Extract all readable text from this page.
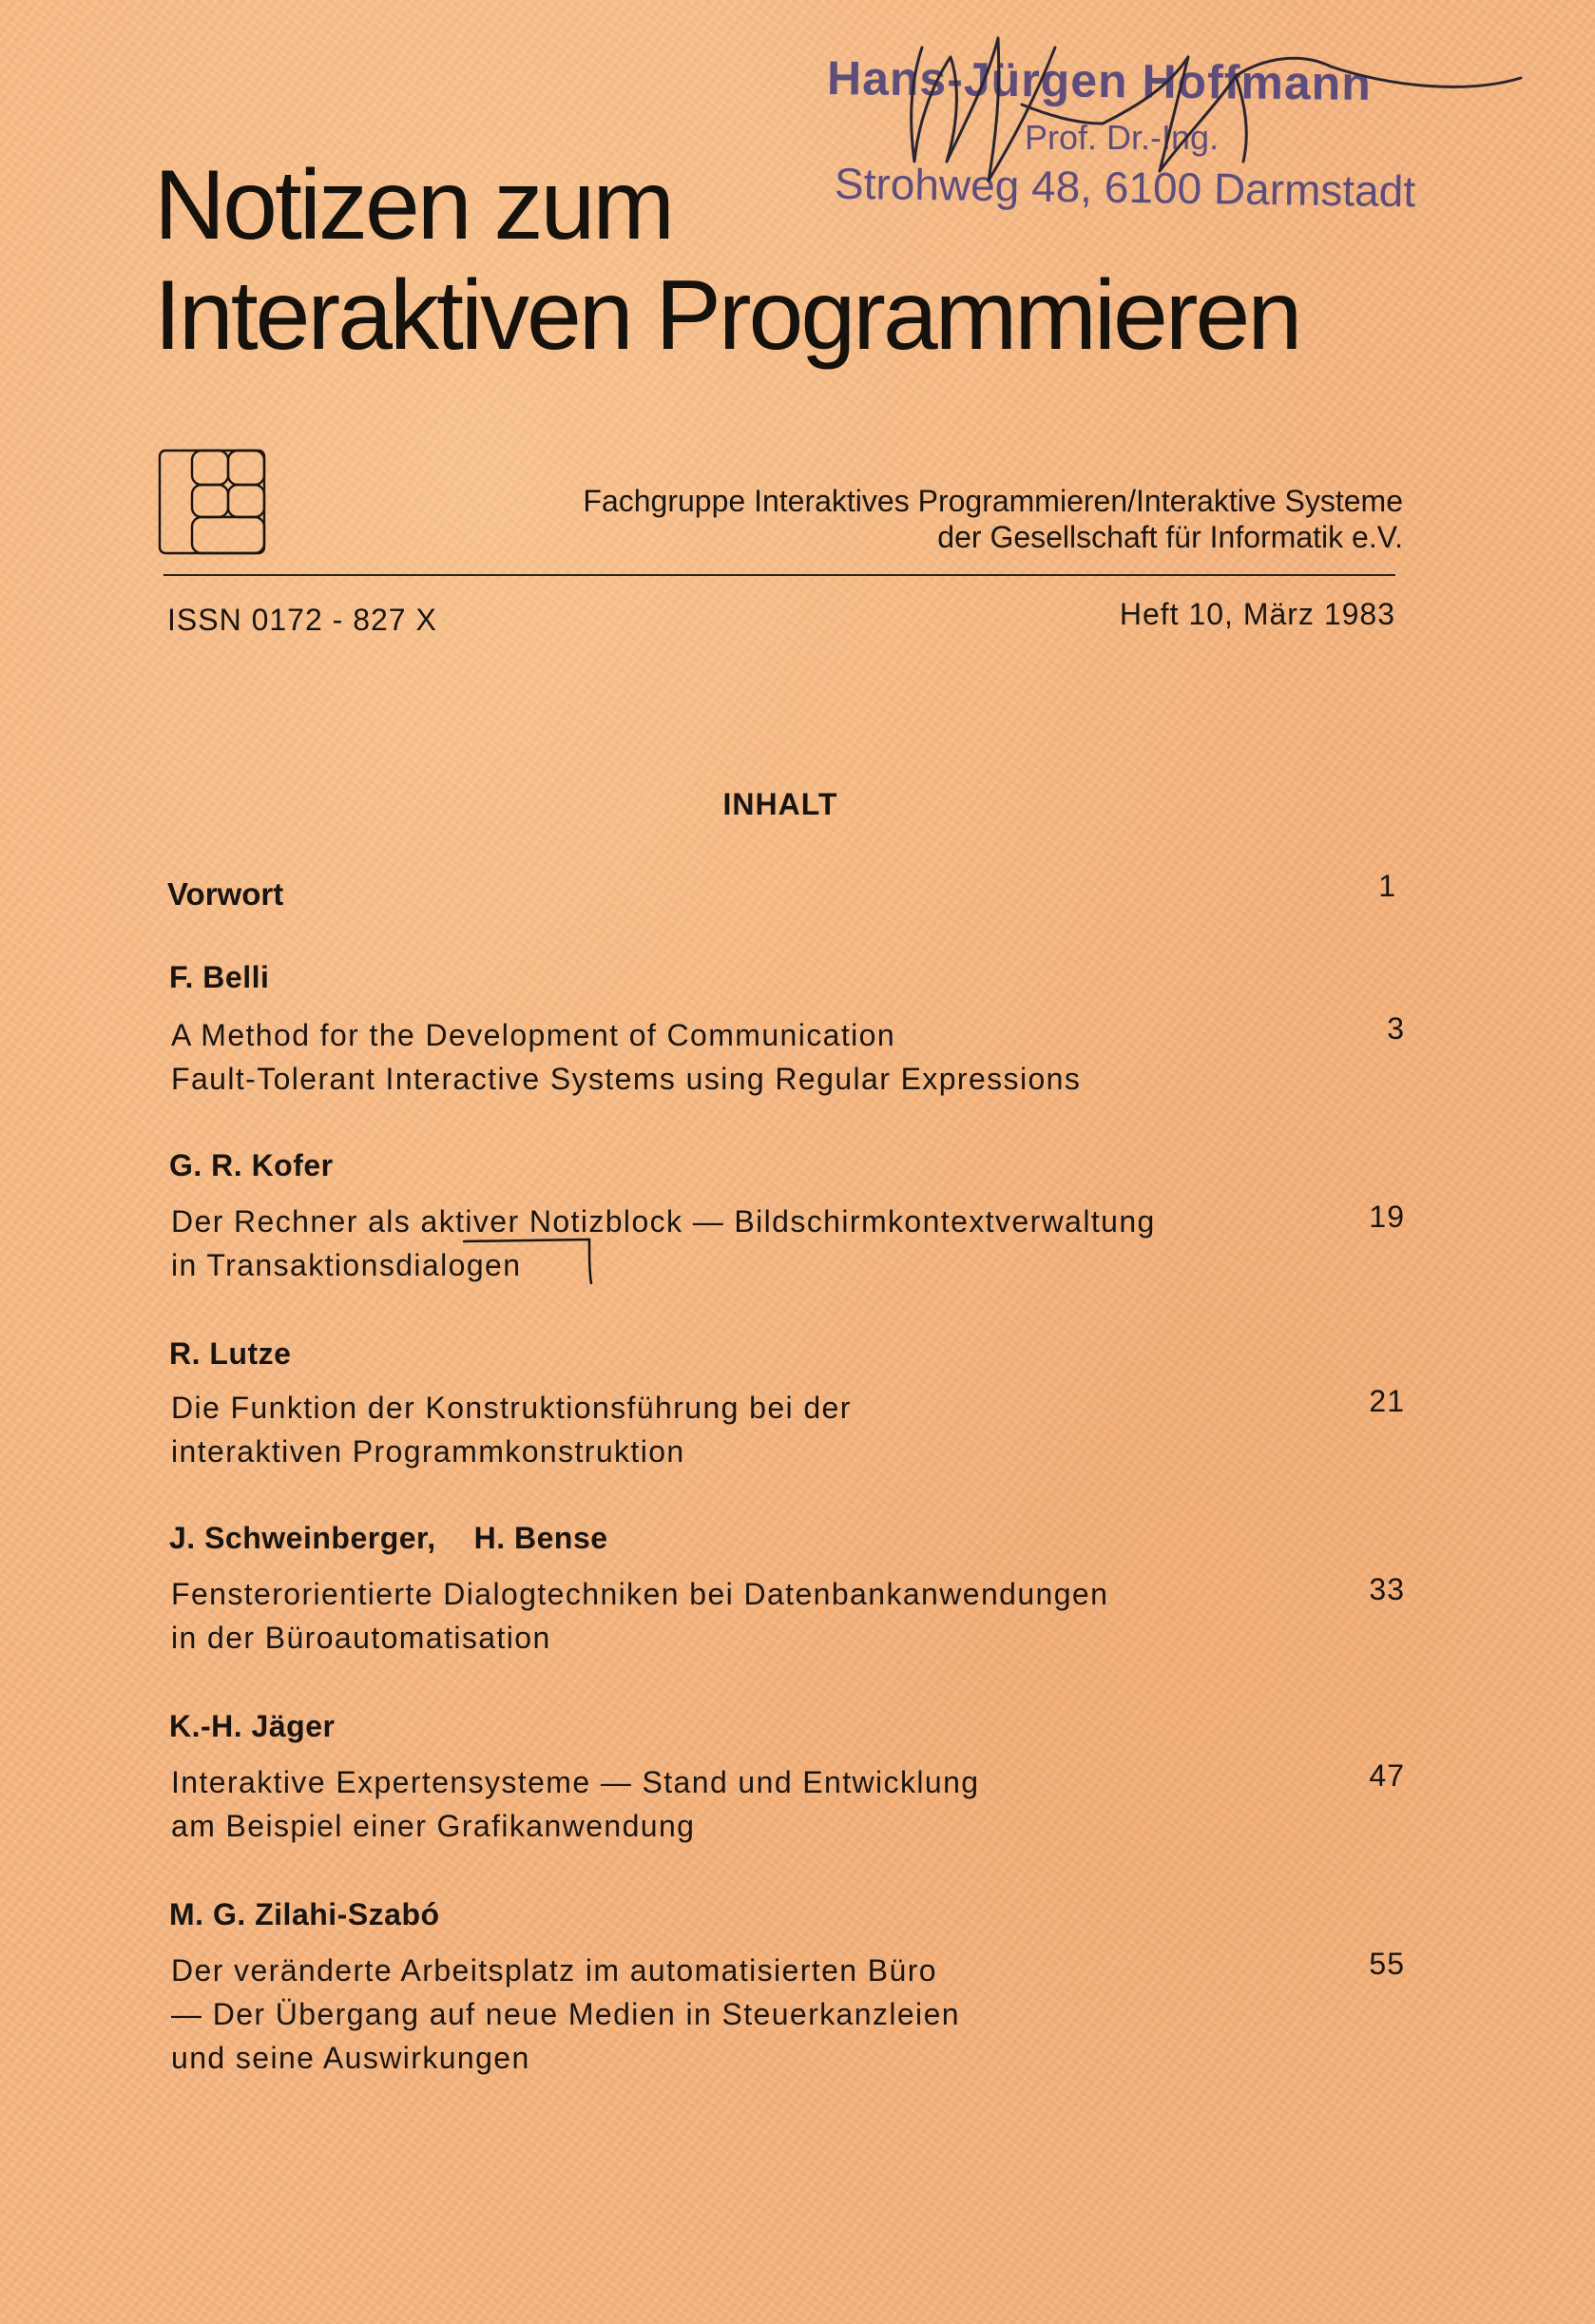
Hans-Jürgen Hoffmann
Prof. Dr.-Ing.
Strohweg 48, 6100 Darmstadt
Notizen zum
Interaktiven Programmieren
Fachgruppe Interaktives Programmieren/Interaktive Systeme
der Gesellschaft für Informatik e.V.
ISSN 0172 - 827 X	Heft 10, März 1983
INHALT
Vorwort	1
F. Belli
A Method for the Development of Communication
Fault-Tolerant Interactive Systems using Regular Expressions
3
G. R. Kofer
Der Rechner als aktiver Notizblock — Bildschirmkontextverwaltung
in Transaktionsdialogen
19
R. Lutze
Die Funktion der Konstruktionsführung bei der
interaktiven Programmkonstruktion
21
J. Schweinberger, H. Bense
Fensterorientierte Dialogtechniken bei Datenbankanwendungen
in der Büroautomatisation
33
K.-H. Jäger
Interaktive Expertensysteme — Stand und Entwicklung
am Beispiel einer Grafikanwendung
47
M. G. Zilahi-Szabó
Der veränderte Arbeitsplatz im automatisierten Büro
— Der Übergang auf neue Medien in Steuerkanzleien
und seine Auswirkungen
55
